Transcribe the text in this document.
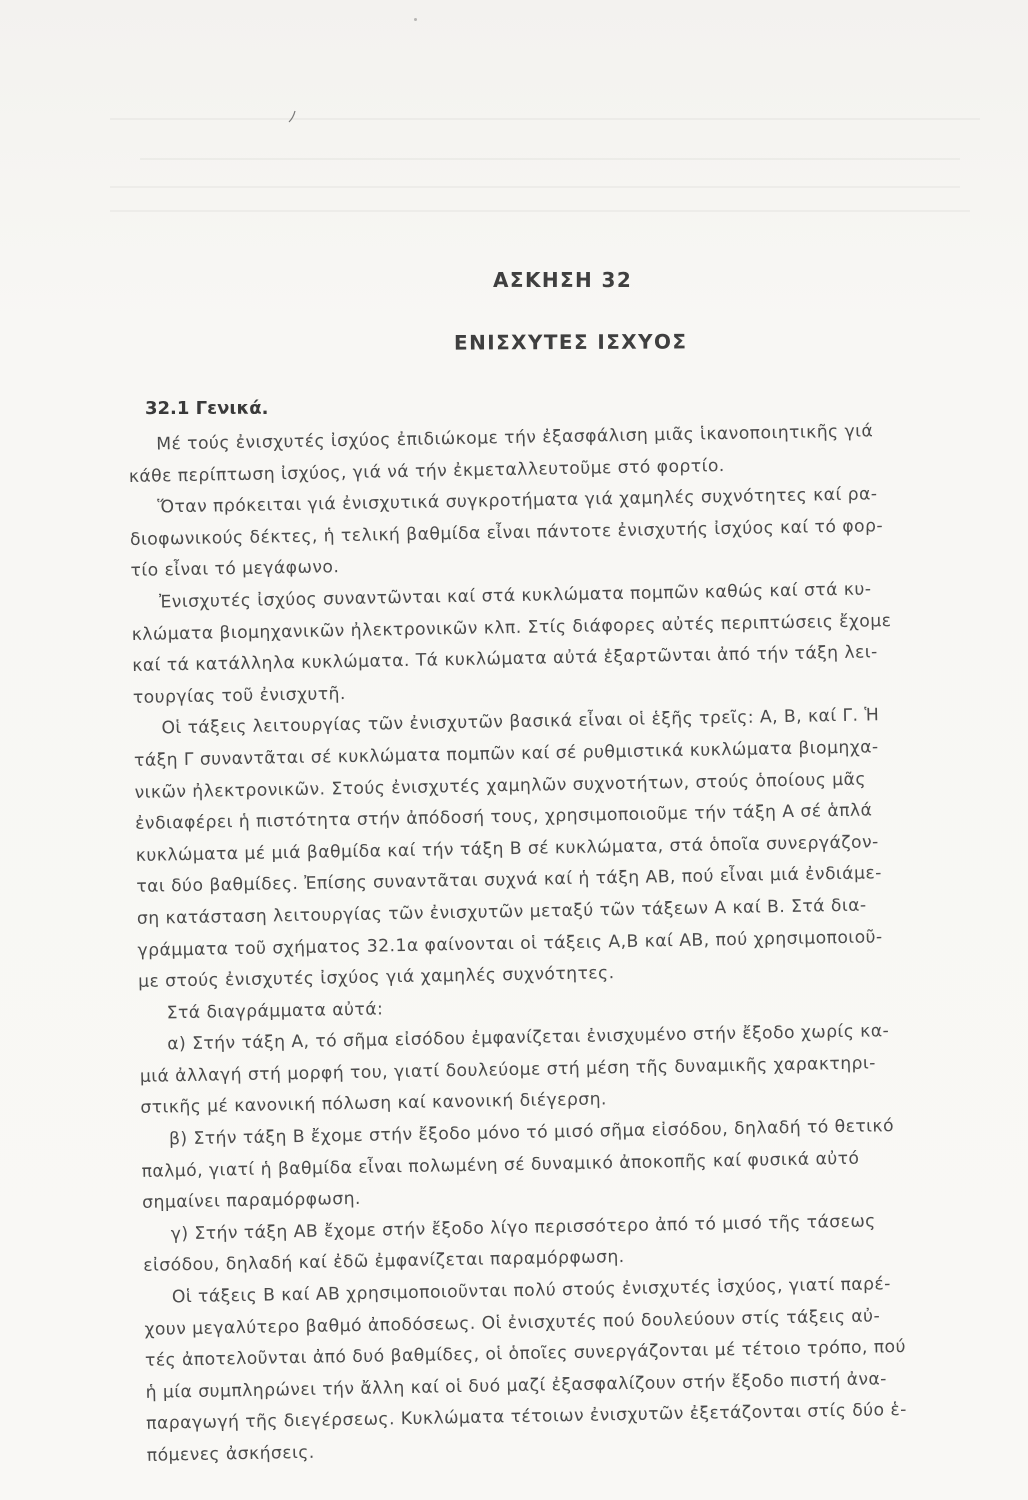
ΑΣΚΗΣΗ 32
ΕΝΙΣΧΥΤΕΣ ΙΣΧΥΟΣ
32.1 Γενικά.
Μέ τούς ἐνισχυτές ἰσχύος ἐπιδιώκομε τήν ἐξασφάλιση μιᾶς ἱκανοποιητικῆς γιά
κάθε περίπτωση ἰσχύος, γιά νά τήν ἐκμεταλλευτοῦμε στό φορτίο.
Ὅταν πρόκειται γιά ἐνισχυτικά συγκροτήματα γιά χαμηλές συχνότητες καί ρα-
διοφωνικούς δέκτες, ἡ τελική βαθμίδα εἶναι πάντοτε ἐνισχυτής ἰσχύος καί τό φορ-
τίο εἶναι τό μεγάφωνο.
Ἐνισχυτές ἰσχύος συναντῶνται καί στά κυκλώματα πομπῶν καθώς καί στά κυ-
κλώματα βιομηχανικῶν ἠλεκτρονικῶν κλπ. Στίς διάφορες αὐτές περιπτώσεις ἔχομε
καί τά κατάλληλα κυκλώματα. Τά κυκλώματα αὐτά ἐξαρτῶνται ἀπό τήν τάξη λει-
τουργίας τοῦ ἐνισχυτῆ.
Οἱ τάξεις λειτουργίας τῶν ἐνισχυτῶν βασικά εἶναι οἱ ἑξῆς τρεῖς: Α, Β, καί Γ. Ἡ
τάξη Γ συναντᾶται σέ κυκλώματα πομπῶν καί σέ ρυθμιστικά κυκλώματα βιομηχα-
νικῶν ἠλεκτρονικῶν. Στούς ἐνισχυτές χαμηλῶν συχνοτήτων, στούς ὁποίους μᾶς
ἐνδιαφέρει ἡ πιστότητα στήν ἀπόδοσή τους, χρησιμοποιοῦμε τήν τάξη Α σέ ἁπλά
κυκλώματα μέ μιά βαθμίδα καί τήν τάξη Β σέ κυκλώματα, στά ὁποῖα συνεργάζον-
ται δύο βαθμίδες. Ἐπίσης συναντᾶται συχνά καί ἡ τάξη ΑΒ, πού εἶναι μιά ἐνδιάμε-
ση κατάσταση λειτουργίας τῶν ἐνισχυτῶν μεταξύ τῶν τάξεων Α καί Β. Στά δια-
γράμματα τοῦ σχήματος 32.1α φαίνονται οἱ τάξεις Α,Β καί ΑΒ, πού χρησιμοποιοῦ-
με στούς ἐνισχυτές ἰσχύος γιά χαμηλές συχνότητες.
Στά διαγράμματα αὐτά:
α) Στήν τάξη Α, τό σῆμα εἰσόδου ἐμφανίζεται ἐνισχυμένο στήν ἔξοδο χωρίς κα-
μιά ἀλλαγή στή μορφή του, γιατί δουλεύομε στή μέση τῆς δυναμικῆς χαρακτηρι-
στικῆς μέ κανονική πόλωση καί κανονική διέγερση.
β) Στήν τάξη Β ἔχομε στήν ἔξοδο μόνο τό μισό σῆμα εἰσόδου, δηλαδή τό θετικό
παλμό, γιατί ἡ βαθμίδα εἶναι πολωμένη σέ δυναμικό ἀποκοπῆς καί φυσικά αὐτό
σημαίνει παραμόρφωση.
γ) Στήν τάξη ΑΒ ἔχομε στήν ἔξοδο λίγο περισσότερο ἀπό τό μισό τῆς τάσεως
εἰσόδου, δηλαδή καί ἐδῶ ἐμφανίζεται παραμόρφωση.
Οἱ τάξεις Β καί ΑΒ χρησιμοποιοῦνται πολύ στούς ἐνισχυτές ἰσχύος, γιατί παρέ-
χουν μεγαλύτερο βαθμό ἀποδόσεως. Οἱ ἐνισχυτές πού δουλεύουν στίς τάξεις αὐ-
τές ἀποτελοῦνται ἀπό δυό βαθμίδες, οἱ ὁποῖες συνεργάζονται μέ τέτοιο τρόπο, πού
ἡ μία συμπληρώνει τήν ἄλλη καί οἱ δυό μαζί ἐξασφαλίζουν στήν ἔξοδο πιστή ἀνα-
παραγωγή τῆς διεγέρσεως. Κυκλώματα τέτοιων ἐνισχυτῶν ἐξετάζονται στίς δύο ἑ-
πόμενες ἀσκήσεις.
